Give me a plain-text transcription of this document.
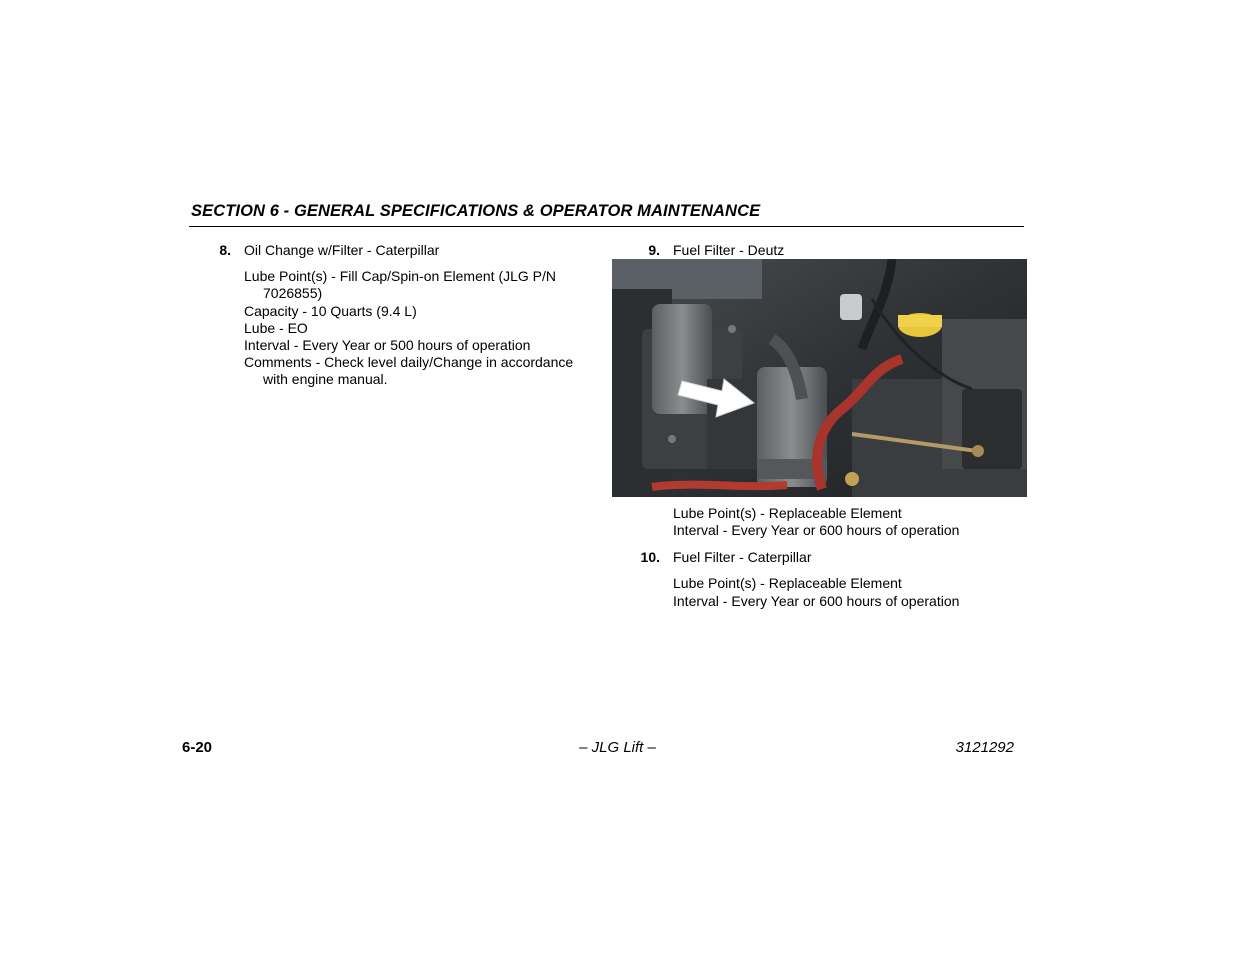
SECTION 6 - GENERAL SPECIFICATIONS & OPERATOR MAINTENANCE
8. Oil Change w/Filter - Caterpillar
Lube Point(s) - Fill Cap/Spin-on Element (JLG P/N
7026855)
Capacity - 10 Quarts (9.4 L)
Lube - EO
Interval - Every Year or 500 hours of operation
Comments - Check level daily/Change in accordance
with engine manual.
9. Fuel Filter - Deutz
Lube Point(s) - Replaceable Element
Interval - Every Year or 600 hours of operation
10. Fuel Filter - Caterpillar
Lube Point(s) - Replaceable Element
Interval - Every Year or 600 hours of operation
6-20	– JLG Lift –	3121292
